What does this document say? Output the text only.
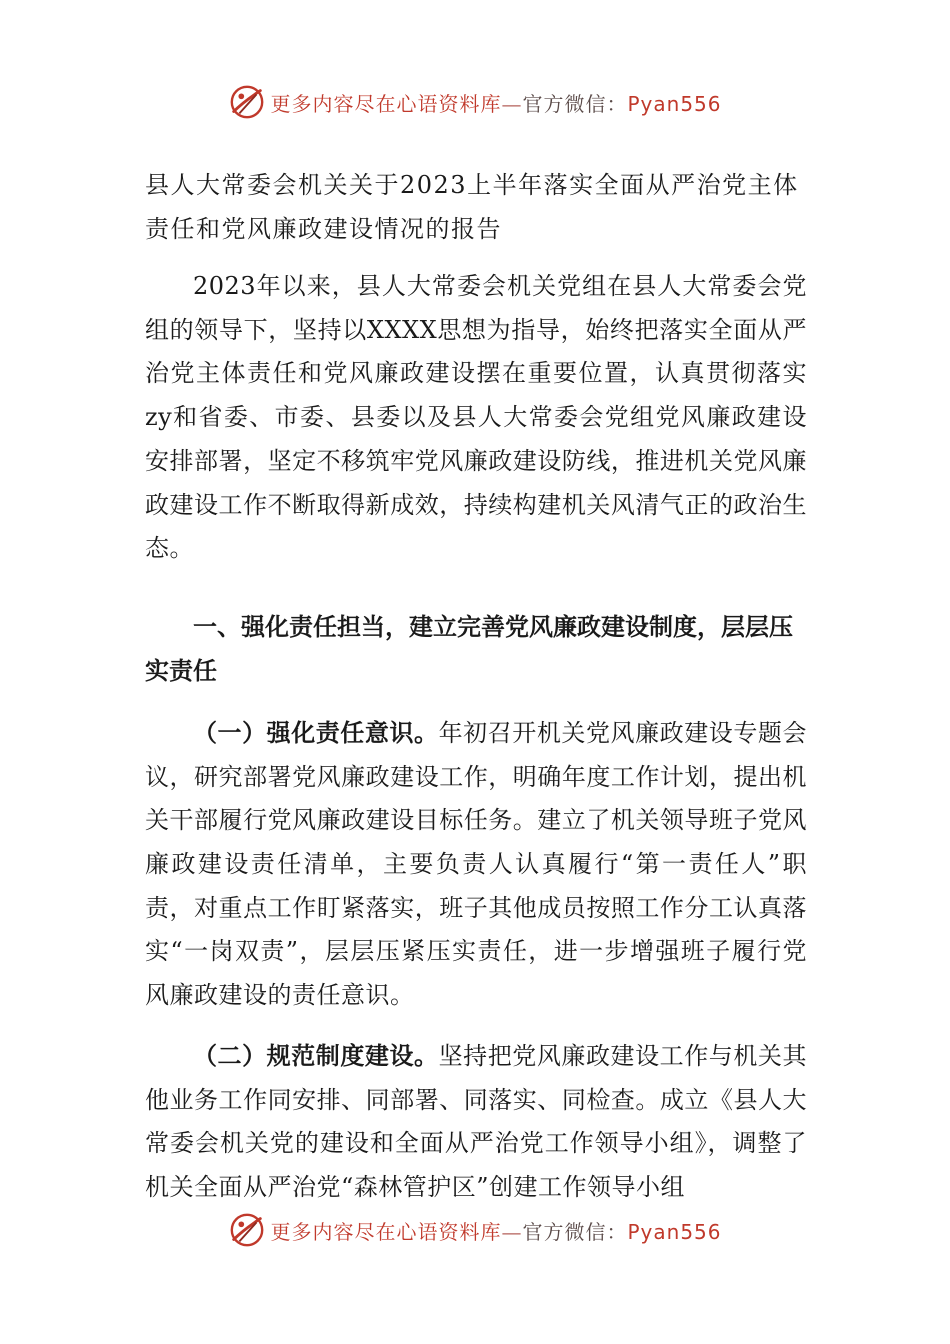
更多内容尽在心语资料库—官方微信：Pyan556

县人大常委会机关关于2023上半年落实全面从严治党主体责任和党风廉政建设情况的报告

2023年以来，县人大常委会机关党组在县人大常委会党组的领导下，坚持以XXXX思想为指导，始终把落实全面从严治党主体责任和党风廉政建设摆在重要位置，认真贯彻落实zy和省委、市委、县委以及县人大常委会党组党风廉政建设安排部署，坚定不移筑牢党风廉政建设防线，推进机关党风廉政建设工作不断取得新成效，持续构建机关风清气正的政治生态。

一、强化责任担当，建立完善党风廉政建设制度，层层压实责任

（一）强化责任意识。年初召开机关党风廉政建设专题会议，研究部署党风廉政建设工作，明确年度工作计划，提出机关干部履行党风廉政建设目标任务。建立了机关领导班子党风廉政建设责任清单，主要负责人认真履行“第一责任人”职责，对重点工作盯紧落实，班子其他成员按照工作分工认真落实“一岗双责”，层层压紧压实责任，进一步增强班子履行党风廉政建设的责任意识。

（二）规范制度建设。坚持把党风廉政建设工作与机关其他业务工作同安排、同部署、同落实、同检查。成立《县人大常委会机关党的建设和全面从严治党工作领导小组》，调整了机关全面从严治党“森林管护区”创建工作领导小组

更多内容尽在心语资料库—官方微信：Pyan556
